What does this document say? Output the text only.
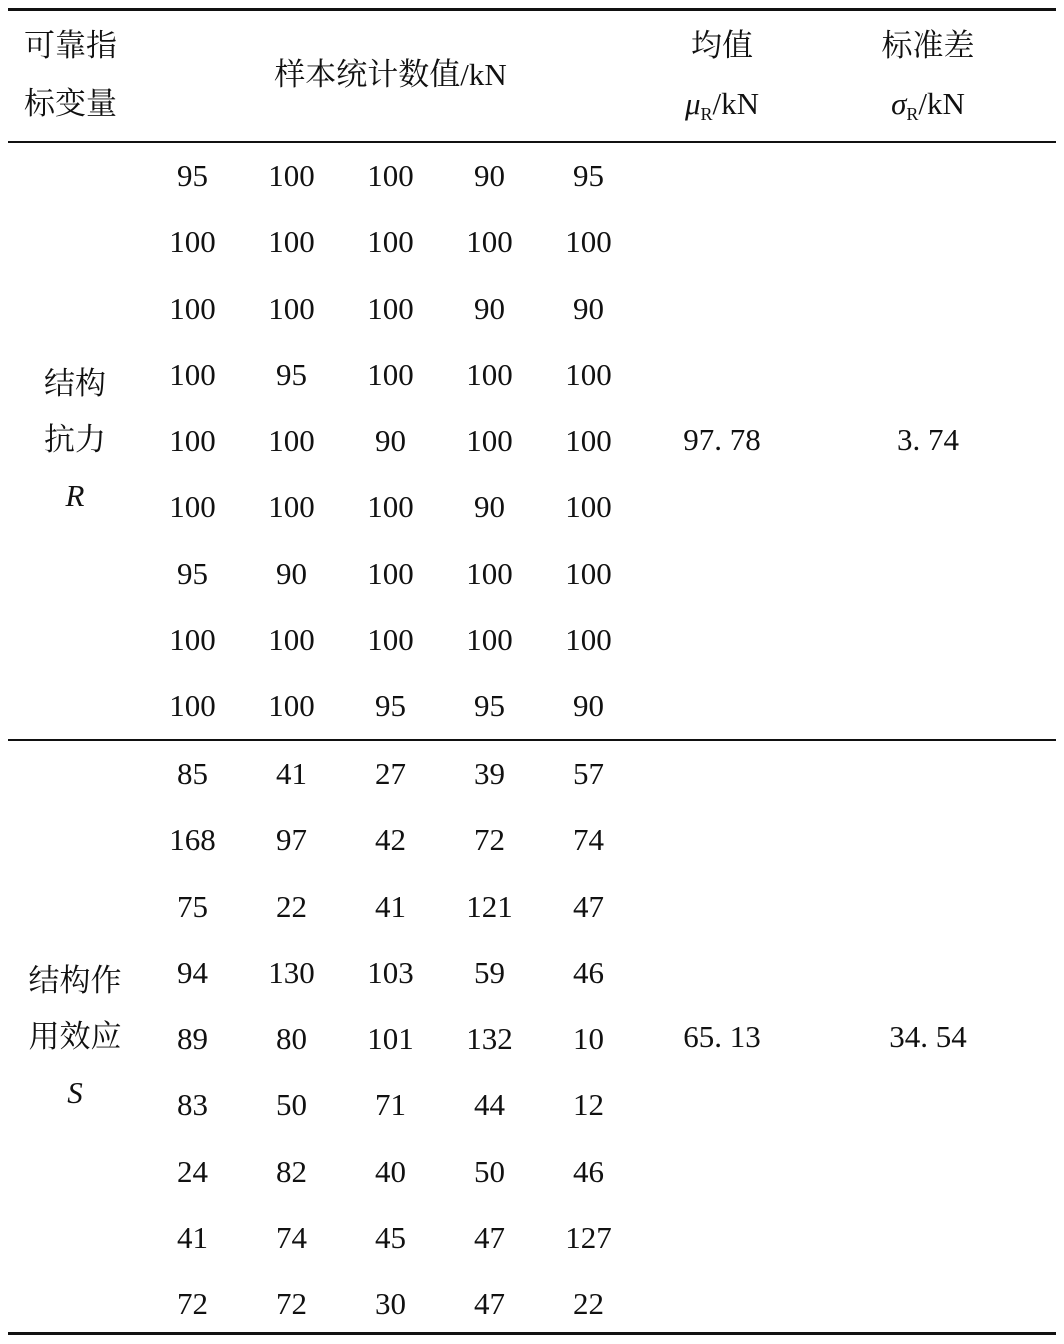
可靠指
标变量
样本统计数值/kN
均值
$\mu_R/kN$
标准差
$\sigma_R/kN$
结构
抗力
R
95	100	100	90	95
100	100	100	100	100
100	100	100	90	90
100	95	100	100	100
100	100	90	100	100
100	100	100	90	100
95	90	100	100	100
100	100	100	100	100
100	100	95	95	90
97. 78	3. 74
结构作
用效应
S
85	41	27	39	57
168	97	42	72	74
75	22	41	121	47
94	130	103	59	46
89	80	101	132	10
83	50	71	44	12
24	82	40	50	46
41	74	45	47	127
72	72	30	47	22
65. 13	34. 54
